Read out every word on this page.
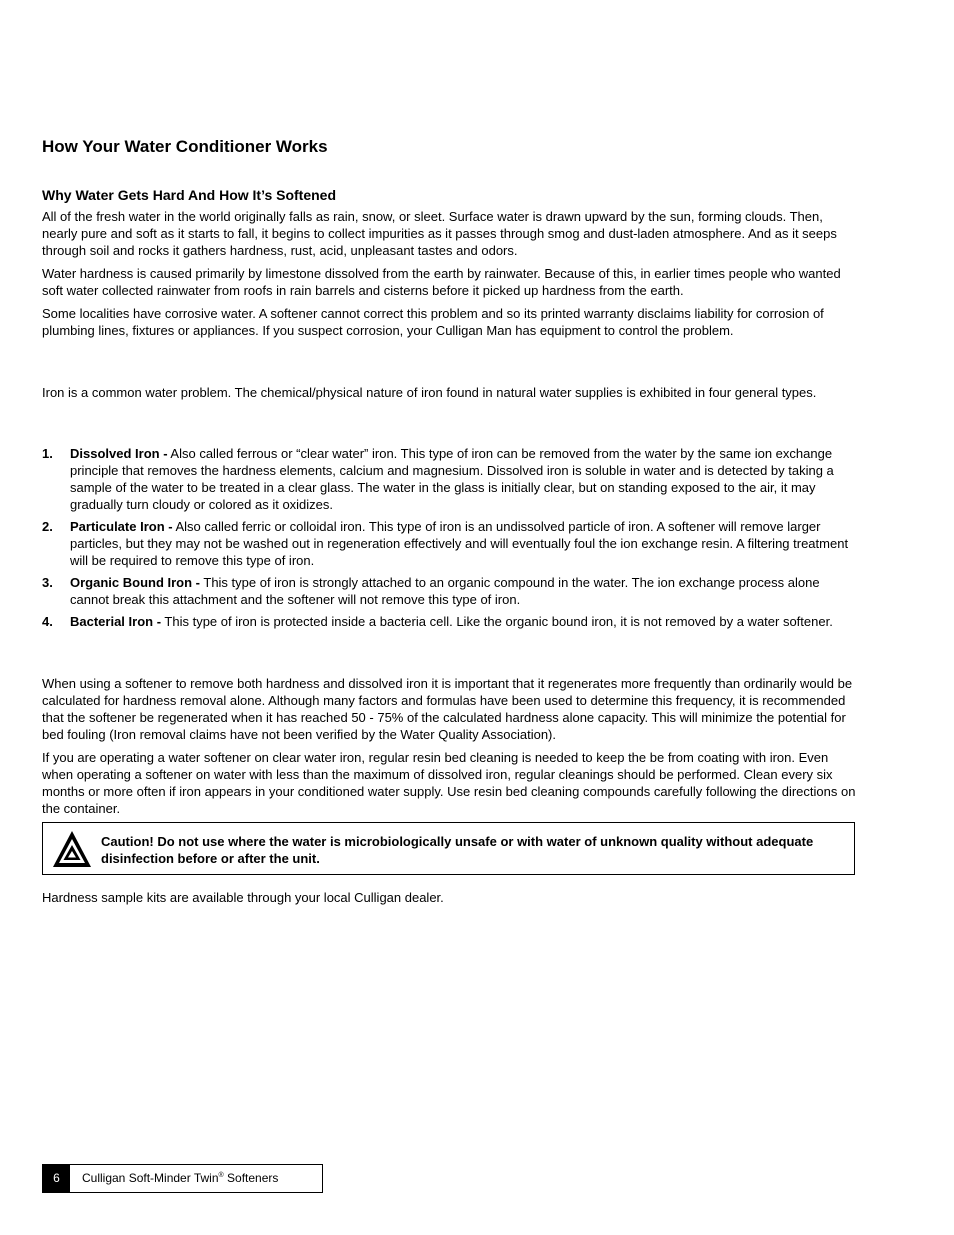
How Your Water Conditioner Works
Why Water Gets Hard And How It’s Softened

All of the fresh water in the world originally falls as rain, snow, or sleet. Surface water is drawn upward by the sun, forming clouds. Then, nearly pure and soft as it starts to fall, it begins to collect impurities as it passes through smog and dust-laden atmosphere. And as it seeps through soil and rocks it gathers hardness, rust, acid, unpleasant tastes and odors.

Water hardness is caused primarily by limestone dissolved from the earth by rainwater. Because of this, in earlier times people who wanted soft water collected rainwater from roofs in rain barrels and cisterns before it picked up hardness from the earth.

Some localities have corrosive water. A softener cannot correct this problem and so its printed warranty disclaims liability for corrosion of plumbing lines, fixtures or appliances. If you suspect corrosion, your Culligan Man has equipment to control the problem.

Iron is a common water problem. The chemical/physical nature of iron found in natural water supplies is exhibited in four general types.

1. Dissolved Iron - Also called ferrous or “clear water” iron. This type of iron can be removed from the water by the same ion exchange principle that removes the hardness elements, calcium and magnesium. Dissolved iron is soluble in water and is detected by taking a sample of the water to be treated in a clear glass. The water in the glass is initially clear, but on standing exposed to the air, it may gradually turn cloudy or colored as it oxidizes.
2. Particulate Iron - Also called ferric or colloidal iron. This type of iron is an undissolved particle of iron. A softener will remove larger particles, but they may not be washed out in regeneration effectively and will eventually foul the ion exchange resin. A filtering treatment will be required to remove this type of iron.
3. Organic Bound Iron - This type of iron is strongly attached to an organic compound in the water. The ion exchange process alone cannot break this attachment and the softener will not remove this type of iron.
4. Bacterial Iron - This type of iron is protected inside a bacteria cell. Like the organic bound iron, it is not removed by a water softener.

When using a softener to remove both hardness and dissolved iron it is important that it regenerates more frequently than ordinarily would be calculated for hardness removal alone. Although many factors and formulas have been used to determine this frequency, it is recommended that the softener be regenerated when it has reached 50 - 75% of the calculated hardness alone capacity. This will minimize the potential for bed fouling (Iron removal claims have not been verified by the Water Quality Association).

If you are operating a water softener on clear water iron, regular resin bed cleaning is needed to keep the be from coating with iron. Even when operating a softener on water with less than the maximum of dissolved iron, regular cleanings should be performed. Clean every six months or more often if iron appears in your conditioned water supply. Use resin bed cleaning compounds carefully following the directions on the container.

Caution! Do not use where the water is microbiologically unsafe or with water of unknown quality without adequate disinfection before or after the unit.

Hardness sample kits are available through your local Culligan dealer.

6	Culligan Soft-Minder Twin® Softeners
